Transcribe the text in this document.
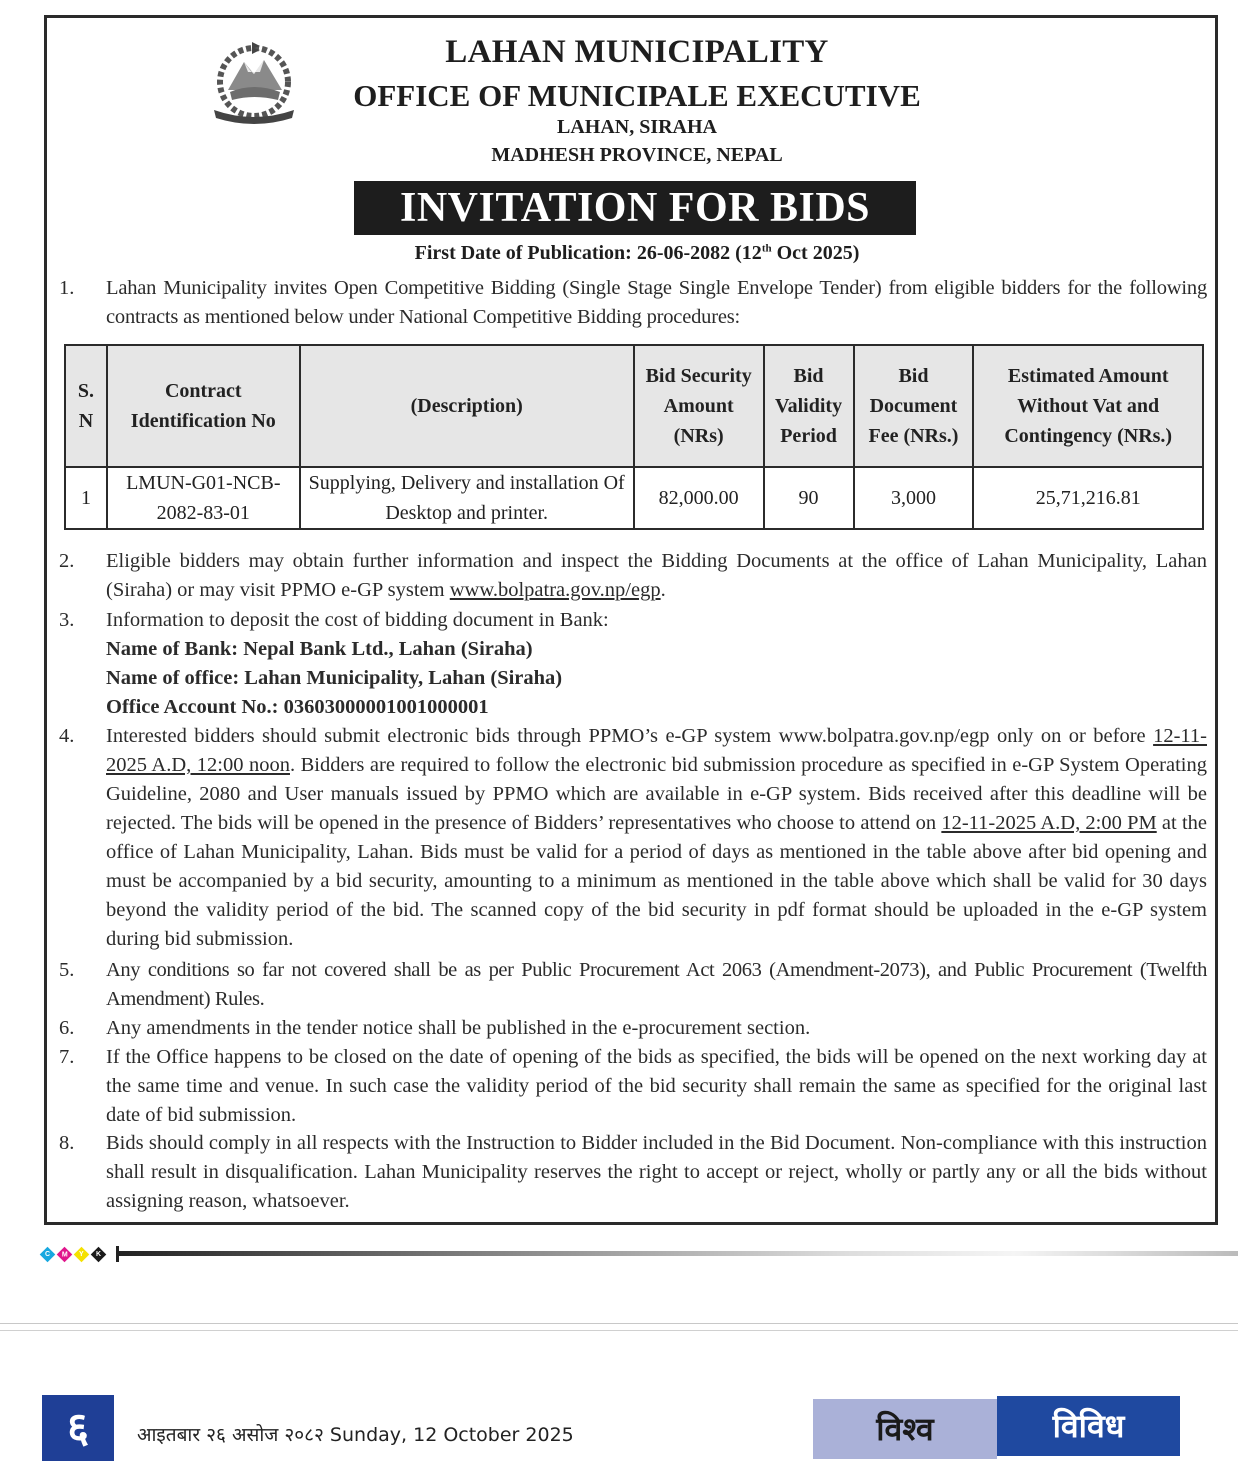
LAHAN MUNICIPALITY
OFFICE OF MUNICIPALE EXECUTIVE
LAHAN, SIRAHA
MADHESH PROVINCE, NEPAL
INVITATION FOR BIDS
First Date of Publication: 26-06-2082 (12th Oct 2025)
1.	Lahan Municipality invites Open Competitive Bidding (Single Stage Single Envelope Tender) from eligible bidders for the following contracts as mentioned below under National Competitive Bidding procedures:
S. N	Contract Identification No	(Description)	Bid Security Amount (NRs)	Bid Validity Period	Bid Document Fee (NRs.)	Estimated Amount Without Vat and Contingency (NRs.)
1	LMUN-G01-NCB-2082-83-01	Supplying, Delivery and installation Of Desktop and printer.	82,000.00	90	3,000	25,71,216.81
2.	Eligible bidders may obtain further information and inspect the Bidding Documents at the office of Lahan Municipality, Lahan (Siraha) or may visit PPMO e-GP system www.bolpatra.gov.np/egp.
3.	Information to deposit the cost of bidding document in Bank:
Name of Bank: Nepal Bank Ltd., Lahan (Siraha)
Name of office: Lahan Municipality, Lahan (Siraha)
Office Account No.: 03603000001001000001
4.	Interested bidders should submit electronic bids through PPMO’s e-GP system www.bolpatra.gov.np/egp only on or before 12-11-2025 A.D, 12:00 noon. Bidders are required to follow the electronic bid submission procedure as specified in e-GP System Operating Guideline, 2080 and User manuals issued by PPMO which are available in e-GP system. Bids received after this deadline will be rejected. The bids will be opened in the presence of Bidders’ representatives who choose to attend on 12-11-2025 A.D, 2:00 PM at the office of Lahan Municipality, Lahan. Bids must be valid for a period of days as mentioned in the table above after bid opening and must be accompanied by a bid security, amounting to a minimum as mentioned in the table above which shall be valid for 30 days beyond the validity period of the bid. The scanned copy of the bid security in pdf format should be uploaded in the e-GP system during bid submission.
5.	Any conditions so far not covered shall be as per Public Procurement Act 2063 (Amendment-2073), and Public Procurement (Twelfth Amendment) Rules.
6.	Any amendments in the tender notice shall be published in the e-procurement section.
7.	If the Office happens to be closed on the date of opening of the bids as specified, the bids will be opened on the next working day at the same time and venue. In such case the validity period of the bid security shall remain the same as specified for the original last date of bid submission.
8.	Bids should comply in all respects with the Instruction to Bidder included in the Bid Document. Non-compliance with this instruction shall result in disqualification. Lahan Municipality reserves the right to accept or reject, wholly or partly any or all the bids without assigning reason, whatsoever.
C M Y K
६	आइतबार २६ असोज २०८२ Sunday, 12 October 2025	विश्व	विविध
